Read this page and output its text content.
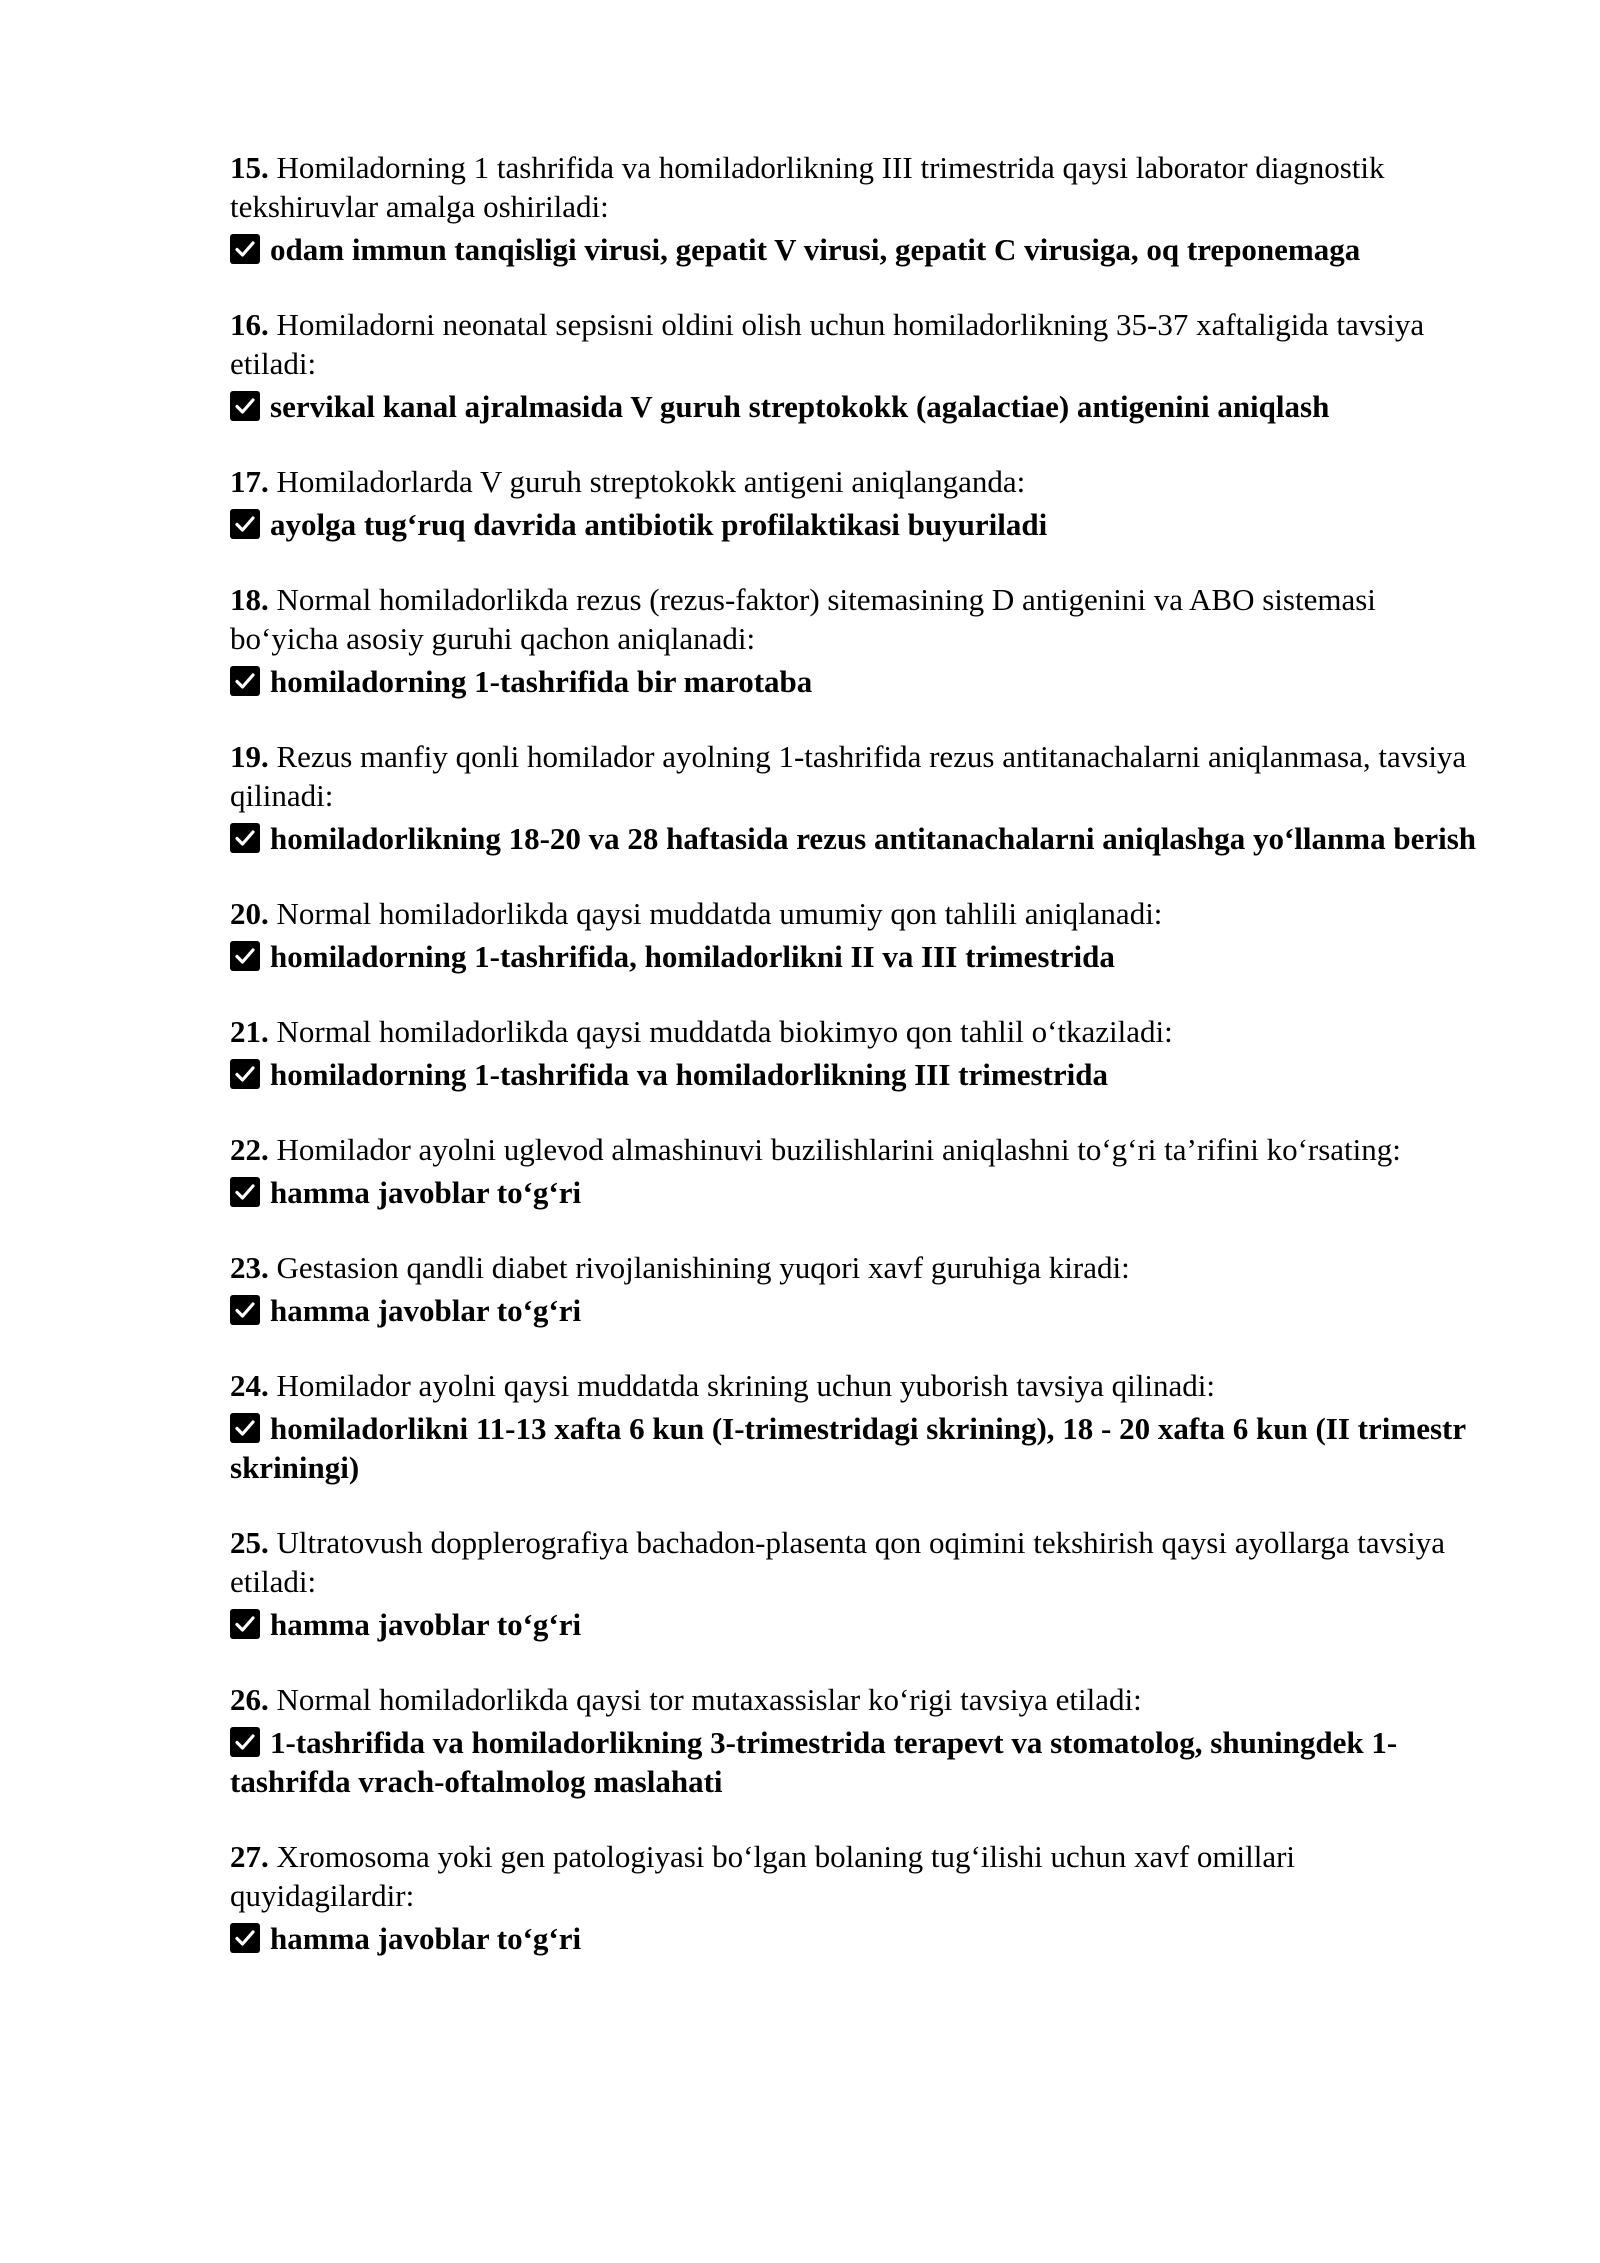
15. Homiladorning 1 tashrifida va homiladorlikning III trimestrida qaysi laborator diagnostik tekshiruvlar amalga oshiriladi:

odam immun tanqisligi virusi, gepatit V virusi, gepatit C virusiga, oq treponemaga

16. Homiladorni neonatal sepsisni oldini olish uchun homiladorlikning 35-37 xaftaligida tavsiya etiladi:

servikal kanal ajralmasida V guruh streptokokk (agalactiae) antigenini aniqlash

17. Homiladorlarda V guruh streptokokk antigeni aniqlanganda:

ayolga tug‘ruq davrida antibiotik profilaktikasi buyuriladi

18. Normal homiladorlikda rezus (rezus-faktor) sitemasining D antigenini va ABO sistemasi bo‘yicha asosiy guruhi qachon aniqlanadi:

homiladorning 1-tashrifida bir marotaba

19. Rezus manfiy qonli homilador ayolning 1-tashrifida rezus antitanachalarni aniqlanmasa, tavsiya qilinadi:

homiladorlikning 18-20 va 28 haftasida rezus antitanachalarni aniqlashga yo‘llanma berish

20. Normal homiladorlikda qaysi muddatda umumiy qon tahlili aniqlanadi:

homiladorning 1-tashrifida, homiladorlikni II va III trimestrida

21. Normal homiladorlikda qaysi muddatda biokimyo qon tahlil o‘tkaziladi:

homiladorning 1-tashrifida va homiladorlikning III trimestrida

22. Homilador ayolni uglevod almashinuvi buzilishlarini aniqlashni to‘g‘ri ta’rifini ko‘rsating:

hamma javoblar to‘g‘ri

23. Gestasion qandli diabet rivojlanishining yuqori xavf guruhiga kiradi:

hamma javoblar to‘g‘ri

24. Homilador ayolni qaysi muddatda skrining uchun yuborish tavsiya qilinadi:

homiladorlikni 11-13 xafta 6 kun (I-trimestridagi skrining), 18 - 20 xafta 6 kun (II trimestr skriningi)

25. Ultratovush dopplerografiya bachadon-plasenta qon oqimini tekshirish qaysi ayollarga tavsiya etiladi:

hamma javoblar to‘g‘ri

26. Normal homiladorlikda qaysi tor mutaxassislar ko‘rigi tavsiya etiladi:

1-tashrifida va homiladorlikning 3-trimestrida terapevt va stomatolog, shuningdek 1-tashrifda vrach-oftalmolog maslahati

27. Xromosoma yoki gen patologiyasi bo‘lgan bolaning tug‘ilishi uchun xavf omillari quyidagilardir:

hamma javoblar to‘g‘ri
